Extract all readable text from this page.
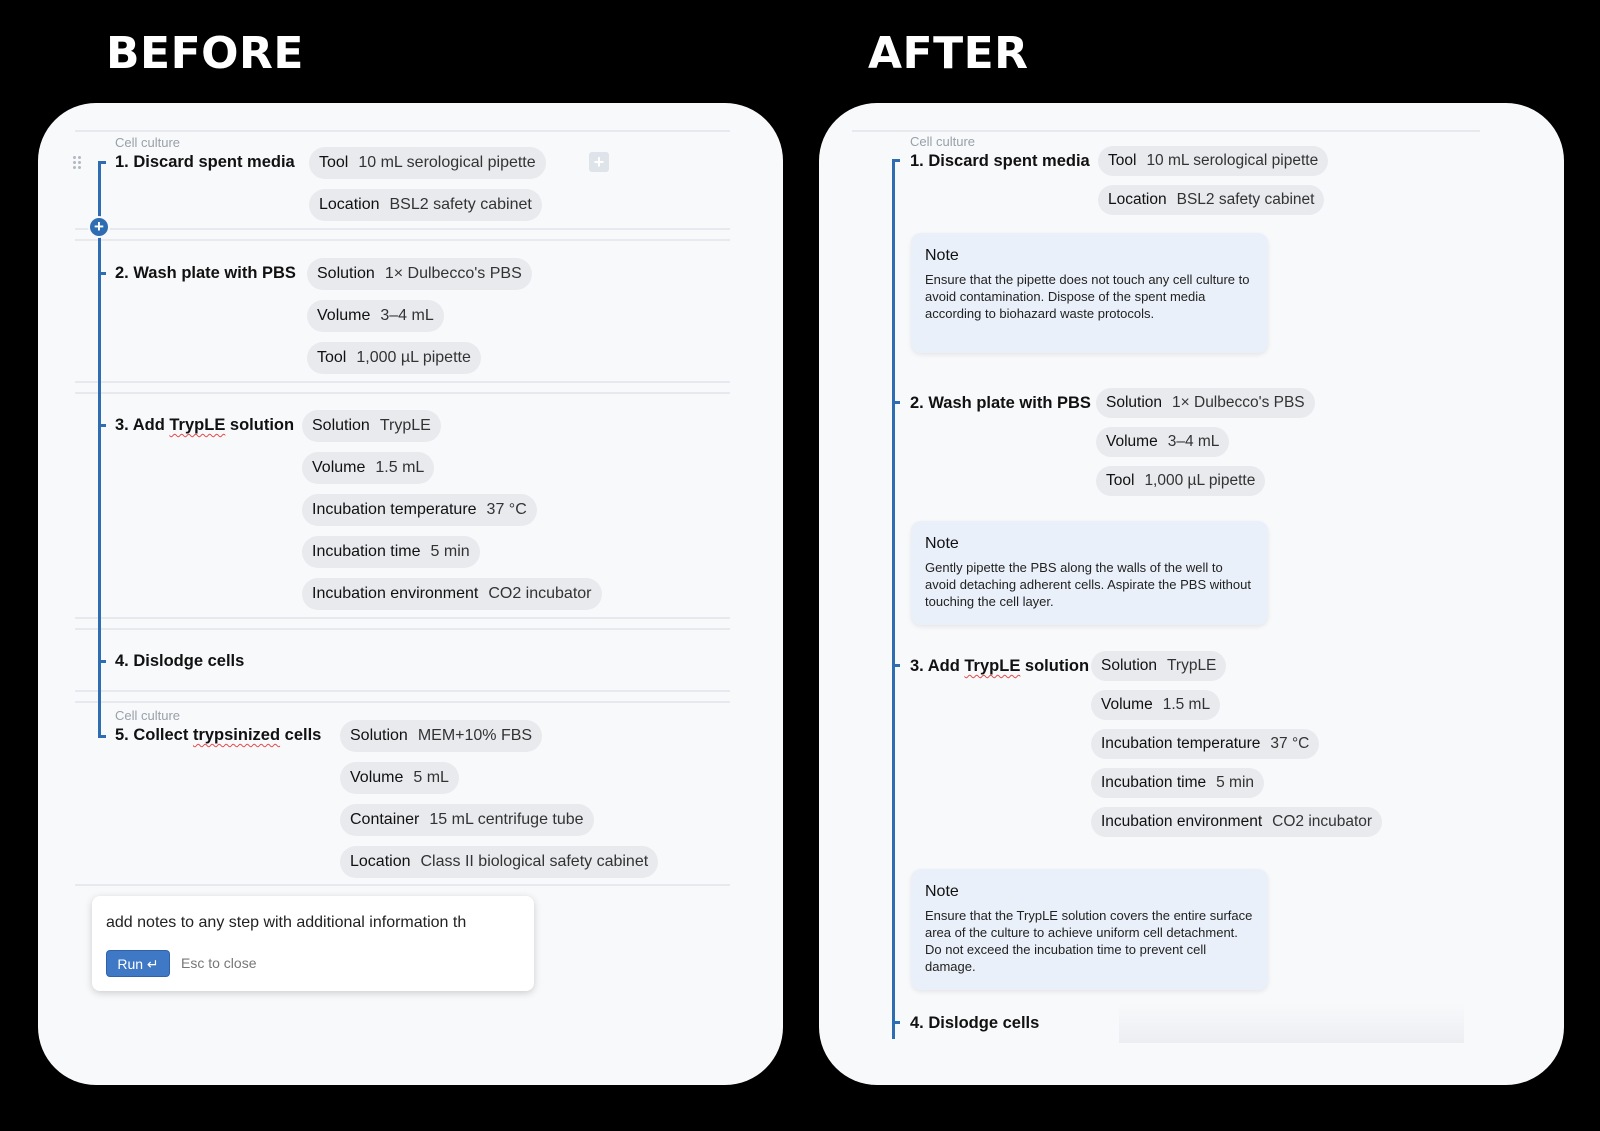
BEFORE	AFTER
+
+
Cell culture
1. Discard spent media	Tool 10 mL serological pipette
Location BSL2 safety cabinet
2. Wash plate with PBS	Solution 1× Dulbecco's PBS
Volume 3–4 mL
Tool 1,000 µL pipette
3. Add TrypLE solution	Solution TrypLE
Volume 1.5 mL
Incubation temperature 37 °C
Incubation time 5 min
Incubation environment CO2 incubator
4. Dislodge cells
Cell culture
5. Collect trypsinized cells	Solution MEM+10% FBS
Volume 5 mL
Container 15 mL centrifuge tube
Location Class II biological safety cabinet
add notes to any step with additional information th
Run ↵	Esc to close
Cell culture
1. Discard spent media	Tool 10 mL serological pipette
Location BSL2 safety cabinet
Note
Ensure that the pipette does not touch any cell culture to avoid contamination. Dispose of the spent media according to biohazard waste protocols.
2. Wash plate with PBS Solution 1× Dulbecco's PBS
Volume 3–4 mL
Tool 1,000 µL pipette
Note
Gently pipette the PBS along the walls of the well to avoid detaching adherent cells. Aspirate the PBS without touching the cell layer.
3. Add TrypLE solution Solution TrypLE
Volume 1.5 mL
Incubation temperature 37 °C
Incubation time 5 min
Incubation environment CO2 incubator
Note
Ensure that the TrypLE solution covers the entire surface area of the culture to achieve uniform cell detachment. Do not exceed the incubation time to prevent cell damage.
4. Dislodge cells
